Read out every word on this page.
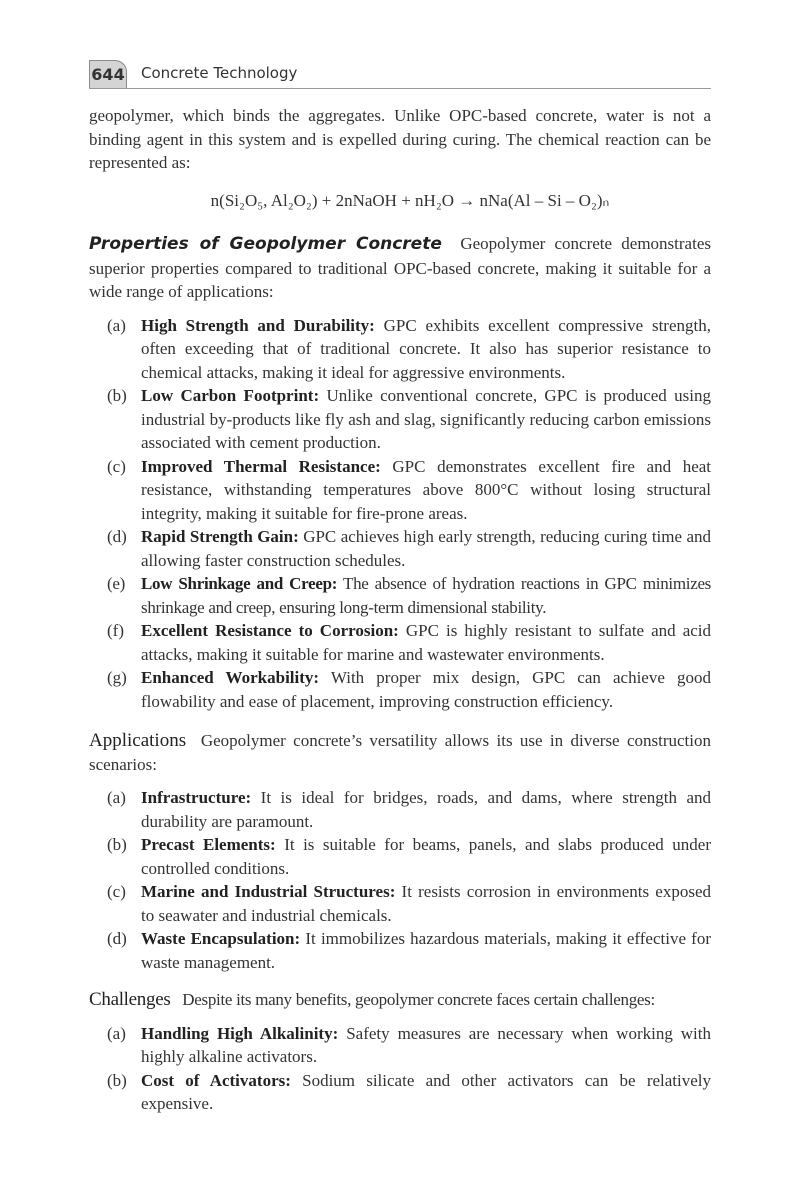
644 Concrete Technology

geopolymer, which binds the aggregates. Unlike OPC-based concrete, water is not a binding agent in this system and is expelled during curing. The chemical reaction can be represented as:

n(Si₂O₅, Al₂O₂) + 2nNaOH + nH₂O → nNa(Al – Si – O₂)ₙ

Properties of Geopolymer Concrete Geopolymer concrete demonstrates superior properties compared to traditional OPC-based concrete, making it suitable for a wide range of applications:

(a) High Strength and Durability: GPC exhibits excellent compressive strength, often exceeding that of traditional concrete. It also has superior resistance to chemical attacks, making it ideal for aggressive environments.
(b) Low Carbon Footprint: Unlike conventional concrete, GPC is produced using industrial by-products like fly ash and slag, significantly reducing carbon emissions associated with cement production.
(c) Improved Thermal Resistance: GPC demonstrates excellent fire and heat resistance, withstanding temperatures above 800°C without losing structural integrity, making it suitable for fire-prone areas.
(d) Rapid Strength Gain: GPC achieves high early strength, reducing curing time and allowing faster construction schedules.
(e) Low Shrinkage and Creep: The absence of hydration reactions in GPC minimizes shrinkage and creep, ensuring long-term dimensional stability.
(f) Excellent Resistance to Corrosion: GPC is highly resistant to sulfate and acid attacks, making it suitable for marine and wastewater environments.
(g) Enhanced Workability: With proper mix design, GPC can achieve good flowability and ease of placement, improving construction efficiency.

Applications Geopolymer concrete’s versatility allows its use in diverse construction scenarios:

(a) Infrastructure: It is ideal for bridges, roads, and dams, where strength and durability are paramount.
(b) Precast Elements: It is suitable for beams, panels, and slabs produced under controlled conditions.
(c) Marine and Industrial Structures: It resists corrosion in environments exposed to seawater and industrial chemicals.
(d) Waste Encapsulation: It immobilizes hazardous materials, making it effective for waste management.

Challenges Despite its many benefits, geopolymer concrete faces certain challenges:

(a) Handling High Alkalinity: Safety measures are necessary when working with highly alkaline activators.
(b) Cost of Activators: Sodium silicate and other activators can be relatively expensive.
